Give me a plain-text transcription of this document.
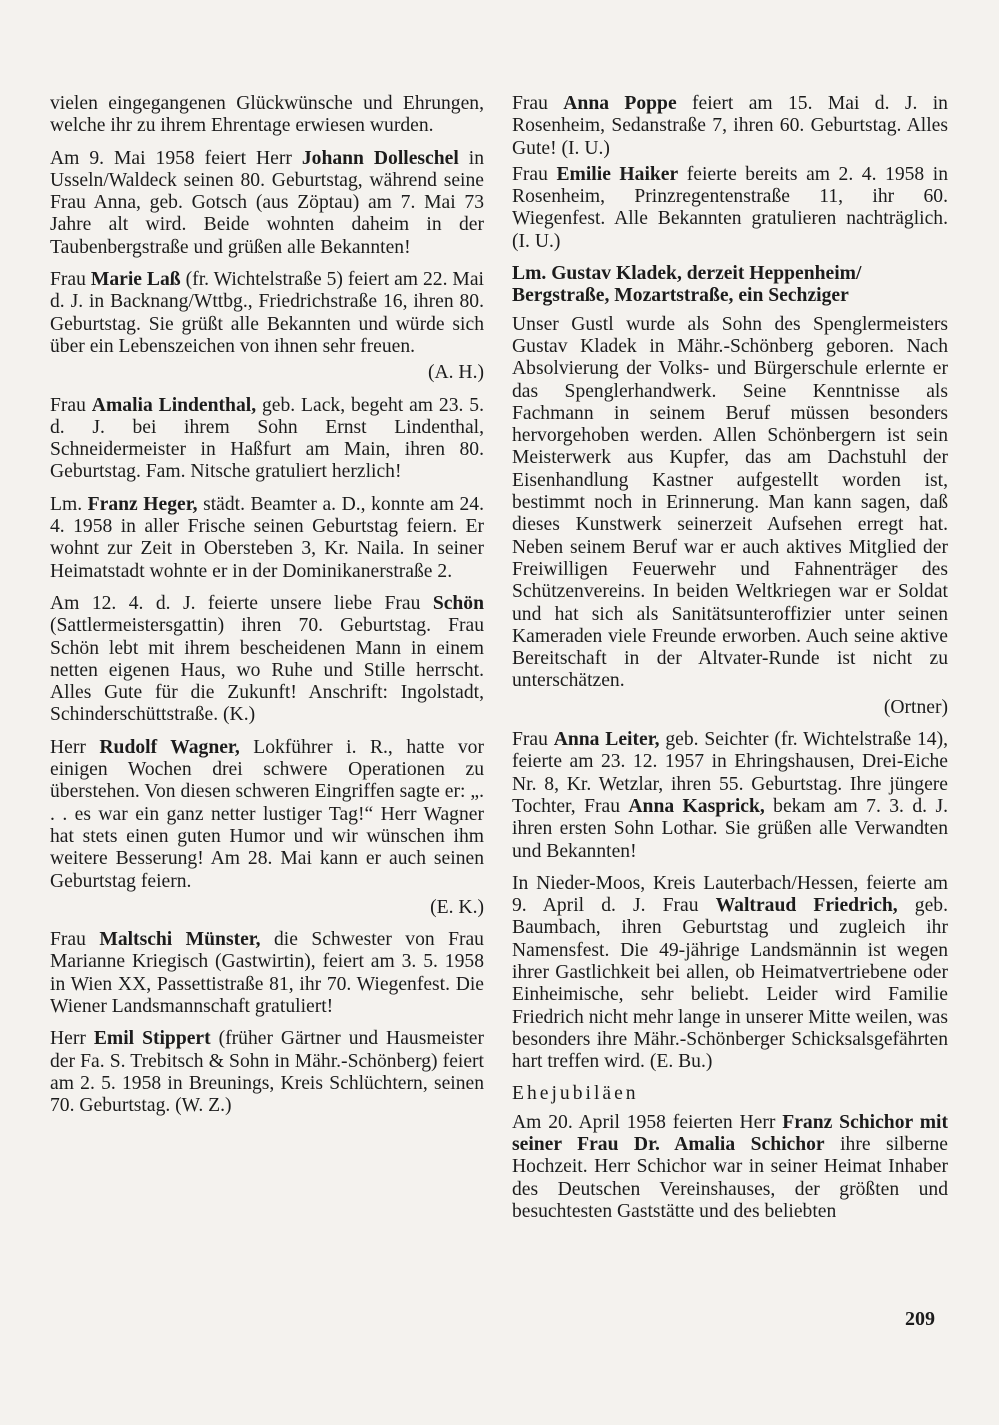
vielen eingegangenen Glückwünsche und Ehrungen, welche ihr zu ihrem Ehrentage erwiesen wurden.

Am 9. Mai 1958 feiert Herr Johann Dolleschel in Usseln/Waldeck seinen 80. Geburtstag, während seine Frau Anna, geb. Gotsch (aus Zöptau) am 7. Mai 73 Jahre alt wird. Beide wohnten daheim in der Taubenbergstraße und grüßen alle Bekannten!

Frau Marie Laß (fr. Wichtelstraße 5) feiert am 22. Mai d. J. in Backnang/Wttbg., Friedrichstraße 16, ihren 80. Geburtstag. Sie grüßt alle Bekannten und würde sich über ein Lebenszeichen von ihnen sehr freuen.

(A. H.)

Frau Amalia Lindenthal, geb. Lack, begeht am 23. 5. d. J. bei ihrem Sohn Ernst Lindenthal, Schneidermeister in Haßfurt am Main, ihren 80. Geburtstag. Fam. Nitsche gratuliert herzlich!

Lm. Franz Heger, städt. Beamter a. D., konnte am 24. 4. 1958 in aller Frische seinen Geburtstag feiern. Er wohnt zur Zeit in Obersteben 3, Kr. Naila. In seiner Heimatstadt wohnte er in der Dominikanerstraße 2.

Am 12. 4. d. J. feierte unsere liebe Frau Schön (Sattlermeistersgattin) ihren 70. Geburtstag. Frau Schön lebt mit ihrem bescheidenen Mann in einem netten eigenen Haus, wo Ruhe und Stille herrscht. Alles Gute für die Zukunft! Anschrift: Ingolstadt, Schinderschüttstraße. (K.)

Herr Rudolf Wagner, Lokführer i. R., hatte vor einigen Wochen drei schwere Operationen zu überstehen. Von diesen schweren Eingriffen sagte er: „. . . es war ein ganz netter lustiger Tag!“ Herr Wagner hat stets einen guten Humor und wir wünschen ihm weitere Besserung! Am 28. Mai kann er auch seinen Geburtstag feiern.

(E. K.)

Frau Maltschi Münster, die Schwester von Frau Marianne Kriegisch (Gastwirtin), feiert am 3. 5. 1958 in Wien XX, Passettistraße 81, ihr 70. Wiegenfest. Die Wiener Landsmannschaft gratuliert!

Herr Emil Stippert (früher Gärtner und Hausmeister der Fa. S. Trebitsch & Sohn in Mähr.-Schönberg) feiert am 2. 5. 1958 in Breunings, Kreis Schlüchtern, seinen 70. Geburtstag. (W. Z.)

Frau Anna Poppe feiert am 15. Mai d. J. in Rosenheim, Sedanstraße 7, ihren 60. Geburtstag. Alles Gute! (I. U.)

Frau Emilie Haiker feierte bereits am 2. 4. 1958 in Rosenheim, Prinzregentenstraße 11, ihr 60. Wiegenfest. Alle Bekannten gratulieren nachträglich. (I. U.)

Lm. Gustav Kladek, derzeit Heppenheim/ Bergstraße, Mozartstraße, ein Sechziger

Unser Gustl wurde als Sohn des Spenglermeisters Gustav Kladek in Mähr.-Schönberg geboren. Nach Absolvierung der Volks- und Bürgerschule erlernte er das Spenglerhandwerk. Seine Kenntnisse als Fachmann in seinem Beruf müssen besonders hervorgehoben werden. Allen Schönbergern ist sein Meisterwerk aus Kupfer, das am Dachstuhl der Eisenhandlung Kastner aufgestellt worden ist, bestimmt noch in Erinnerung. Man kann sagen, daß dieses Kunstwerk seinerzeit Aufsehen erregt hat. Neben seinem Beruf war er auch aktives Mitglied der Freiwilligen Feuerwehr und Fahnenträger des Schützenvereins. In beiden Weltkriegen war er Soldat und hat sich als Sanitätsunteroffizier unter seinen Kameraden viele Freunde erworben. Auch seine aktive Bereitschaft in der Altvater-Runde ist nicht zu unterschätzen.

(Ortner)

Frau Anna Leiter, geb. Seichter (fr. Wichtelstraße 14), feierte am 23. 12. 1957 in Ehringshausen, Drei-Eiche Nr. 8, Kr. Wetzlar, ihren 55. Geburtstag. Ihre jüngere Tochter, Frau Anna Kasprick, bekam am 7. 3. d. J. ihren ersten Sohn Lothar. Sie grüßen alle Verwandten und Bekannten!

In Nieder-Moos, Kreis Lauterbach/Hessen, feierte am 9. April d. J. Frau Waltraud Friedrich, geb. Baumbach, ihren Geburtstag und zugleich ihr Namensfest. Die 49-jährige Landsmännin ist wegen ihrer Gastlichkeit bei allen, ob Heimatvertriebene oder Einheimische, sehr beliebt. Leider wird Familie Friedrich nicht mehr lange in unserer Mitte weilen, was besonders ihre Mähr.-Schönberger Schicksalsgefährten hart treffen wird. (E. Bu.)

Ehejubiläen

Am 20. April 1958 feierten Herr Franz Schichor mit seiner Frau Dr. Amalia Schichor ihre silberne Hochzeit. Herr Schichor war in seiner Heimat Inhaber des Deutschen Vereinshauses, der größten und besuchtesten Gaststätte und des beliebten

209
